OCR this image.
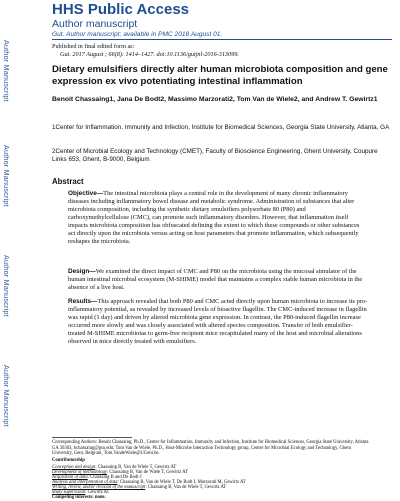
HHS Public Access
Author manuscript
Gut. Author manuscript; available in PMC 2018 August 01.
Author Manuscript
Author Manuscript
Author Manuscript
Author Manuscript
Published in final edited form as:
Gut. 2017 August ; 66(8): 1414–1427. doi:10.1136/gutjnl-2016-313099.
Dietary emulsifiers directly alter human microbiota composition and gene expression ex vivo potentiating intestinal inflammation
Benoit Chassaing1, Jana De Bodt2, Massimo Marzorati2, Tom Van de Wiele2, and Andrew T. Gewirtz1
1Center for Inflammation, Immunity and Infection, Institute for Biomedical Sciences, Georgia State University, Atlanta, GA
2Center of Microbial Ecology and Technology (CMET), Faculty of Bioscience Engineering, Ghent University, Coupure Links 653, Ghent, B-9000, Belgium
Abstract
Objective—The intestinal microbiota plays a central role in the development of many chronic inflammatory diseases including inflammatory bowel disease and metabolic syndrome. Administration of substances that alter microbiota composition, including the synthetic dietary emulsifiers polysorbate 80 (P80) and carboxymethylcellulose (CMC), can promote such inflammatory disorders. However, that inflammation itself impacts microbiota composition has obfuscated defining the extent to which these compounds or other substances act directly upon the microbiota versus acting on host parameters that promote inflammation, which subsequently reshapes the microbiota.
Design—We examined the direct impact of CMC and P80 on the microbiota using the mucosal simulator of the human intestinal microbial ecosystem (M-SHIME) model that maintains a complex stable human microbiota in the absence of a live host.
Results—This approach revealed that both P80 and CMC acted directly upon human microbiota to increase its pro-inflammatory potential, as revealed by increased levels of bioactive flagellin. The CMC-induced increase in flagellin was rapid (1 day) and driven by altered microbiota gene expression. In contrast, the P80-induced flagellin increase occurred more slowly and was closely associated with altered species composition. Transfer of both emulsifier-treated M-SHIME microbiotas to germ-free recipient mice recapitulated many of the host and microbial alterations observed in mice directly treated with emulsifiers.
Corresponding Authors: Benoit Chassaing, Ph.D., Center for Inflammation, Immunity and Infection, Institute for Biomedical Sciences, Georgia State University, Atlanta GA 30303, bchassaing@gsu.edu; Tom Van de Wiele, Ph.D., Host-Microbe Interaction Technology group, Center for Microbial Ecology and Technology, Ghent University, Gent, Belgium, Tom.VandeWiele@UGent.be.
Contributorship
Conception and design: Chassaing B, Van de Wiele T, Gewirtz AT
Development of methodology: Chassaing B, Van de Wiele T, Gewirtz AT
Acquisition of data: Chassaing B and De Bodt J
Analysis and interpretation of data: Chassaing B, Van de Wiele T, De Bodt J, Marzorati M, Gewirtz AT
Writing, review, and/or revision of the manuscript: Chassaing B, Van de Wiele T, Gewirtz AT
Study supervision: Gewirtz AT
Competing interests: none.
